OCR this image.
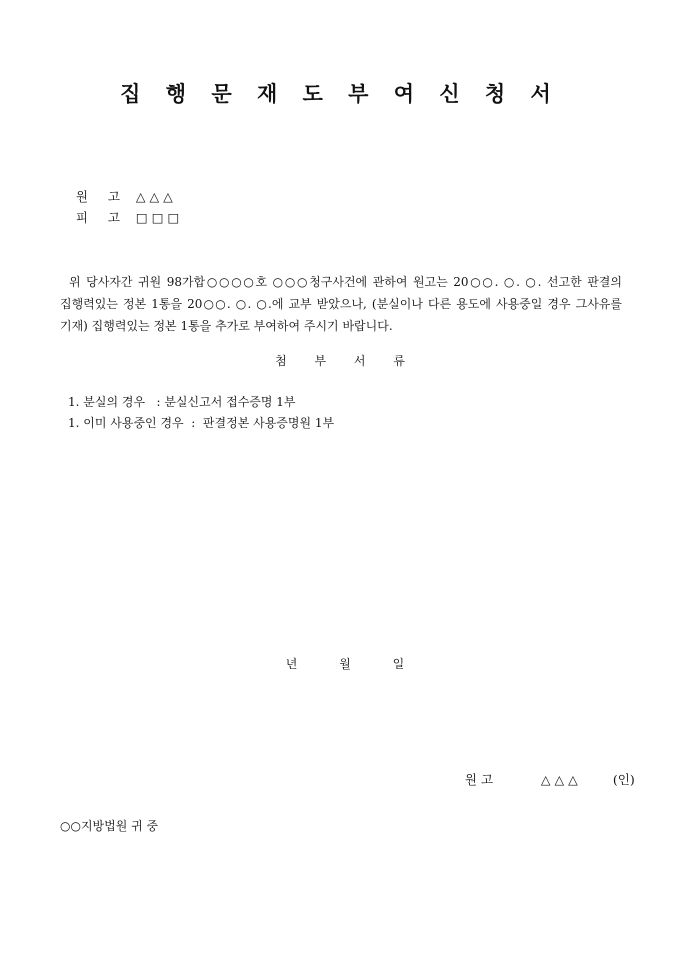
집 행 문 재 도 부 여 신 청 서

원     고 △ △ △

피     고 □ □ □

위 당사자간 귀원 98가합○○○○호 ○○○청구사건에 관하여 원고는 20○○. ○. ○. 선고한 판결의 집행력있는 정본 1통을 20○○. ○. ○.에 교부 받았으나, (분실이나 다른 용도에 사용중일 경우 그사유를 기재) 집행력있는 정본 1통을 추가로 부여하여 주시기 바랍니다.
첨 부 서 류
1. 분실의 경우   : 분실신고서 접수증명 1부
1. 이미 사용중인 경우  :  판결정본 사용증명원 1부
년 월 일

원 고	△ △ △	(인)

○○지방법원 귀 중
